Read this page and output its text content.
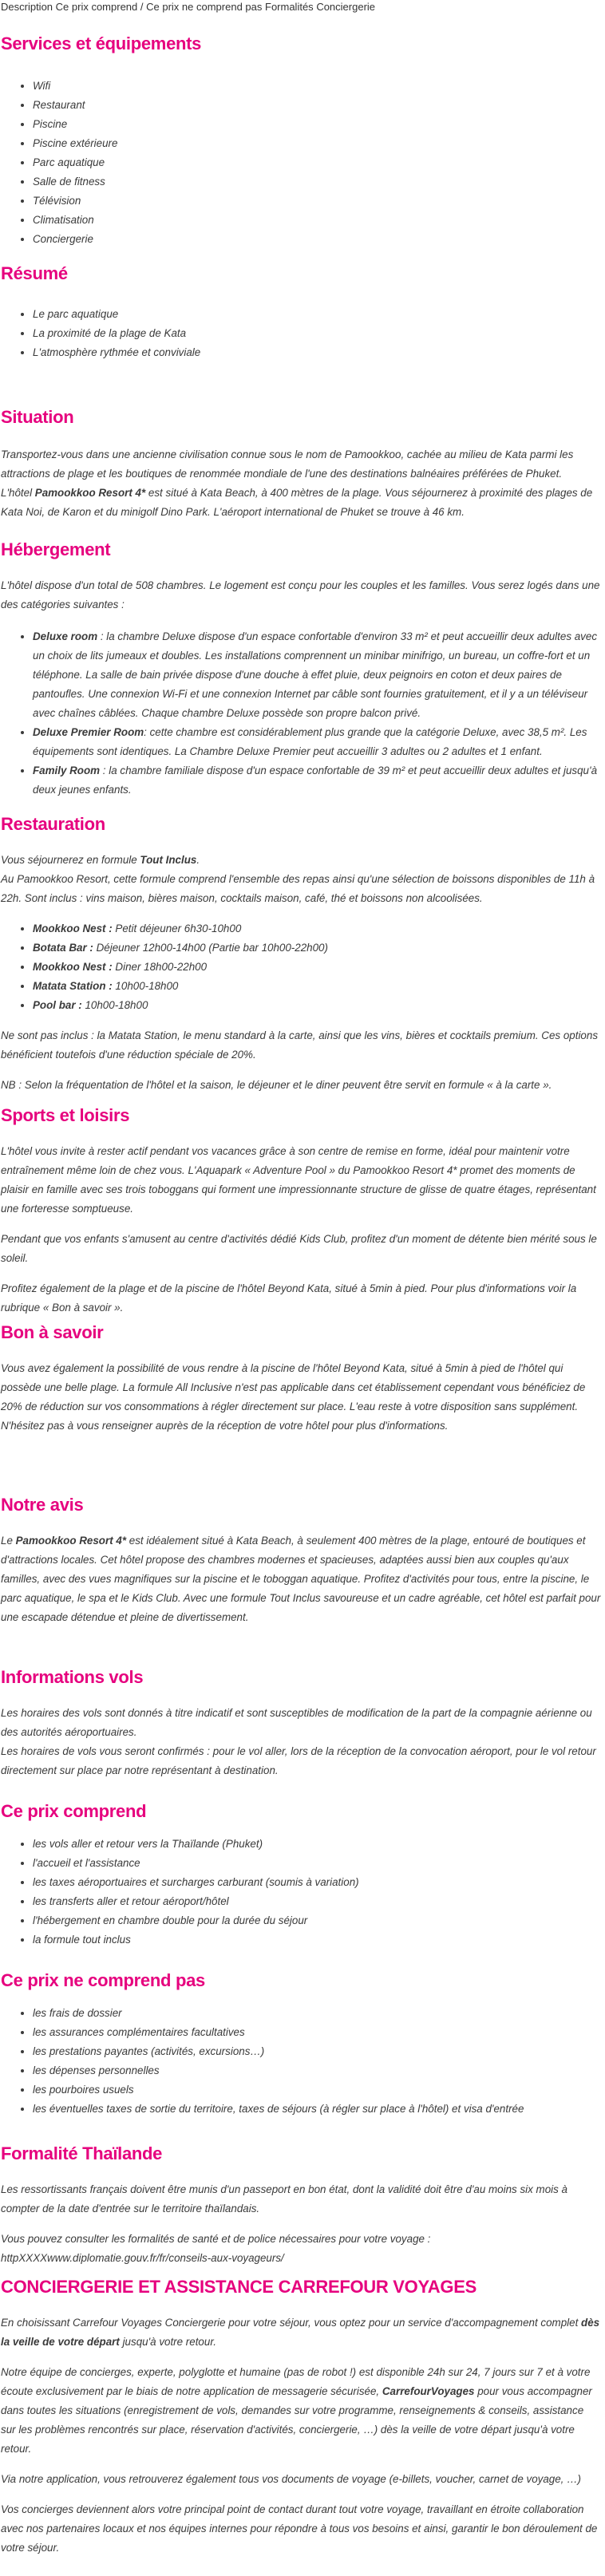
Description Ce prix comprend / Ce prix ne comprend pas Formalités Conciergerie
Services et équipements
• Wifi
• Restaurant
• Piscine
• Piscine extérieure
• Parc aquatique
• Salle de fitness
• Télévision
• Climatisation
• Conciergerie
Résumé
• Le parc aquatique
• La proximité de la plage de Kata
• L'atmosphère rythmée et conviviale
Situation

Transportez-vous dans une ancienne civilisation connue sous le nom de Pamookkoo, cachée au milieu de Kata parmi les attractions de plage et les boutiques de renommée mondiale de l'une des destinations balnéaires préférées de Phuket.
L'hôtel Pamookkoo Resort 4* est situé à Kata Beach, à 400 mètres de la plage. Vous séjournerez à proximité des plages de Kata Noi, de Karon et du minigolf Dino Park. L'aéroport international de Phuket se trouve à 46 km.

Hébergement

L'hôtel dispose d'un total de 508 chambres. Le logement est conçu pour les couples et les familles. Vous serez logés dans une des catégories suivantes :

• Deluxe room : la chambre Deluxe dispose d'un espace confortable d'environ 33 m² et peut accueillir deux adultes avec un choix de lits jumeaux et doubles. Les installations comprennent un minibar minifrigo, un bureau, un coffre-fort et un téléphone. La salle de bain privée dispose d'une douche à effet pluie, deux peignoirs en coton et deux paires de pantoufles. Une connexion Wi-Fi et une connexion Internet par câble sont fournies gratuitement, et il y a un téléviseur avec chaînes câblées. Chaque chambre Deluxe possède son propre balcon privé.
• Deluxe Premier Room: cette chambre est considérablement plus grande que la catégorie Deluxe, avec 38,5 m². Les équipements sont identiques. La Chambre Deluxe Premier peut accueillir 3 adultes ou 2 adultes et 1 enfant.
• Family Room : la chambre familiale dispose d'un espace confortable de 39 m² et peut accueillir deux adultes et jusqu'à deux jeunes enfants.
Restauration

Vous séjournerez en formule Tout Inclus.
Au Pamookkoo Resort, cette formule comprend l'ensemble des repas ainsi qu'une sélection de boissons disponibles de 11h à 22h. Sont inclus : vins maison, bières maison, cocktails maison, café, thé et boissons non alcoolisées.

• Mookkoo Nest : Petit déjeuner 6h30-10h00
• Botata Bar : Déjeuner 12h00-14h00 (Partie bar 10h00-22h00)
• Mookkoo Nest : Diner 18h00-22h00
• Matata Station : 10h00-18h00
• Pool bar : 10h00-18h00

Ne sont pas inclus : la Matata Station, le menu standard à la carte, ainsi que les vins, bières et cocktails premium. Ces options bénéficient toutefois d'une réduction spéciale de 20%.

NB : Selon la fréquentation de l'hôtel et la saison, le déjeuner et le diner peuvent être servit en formule « à la carte ».

Sports et loisirs

L'hôtel vous invite à rester actif pendant vos vacances grâce à son centre de remise en forme, idéal pour maintenir votre entraînement même loin de chez vous. L'Aquapark « Adventure Pool » du Pamookkoo Resort 4* promet des moments de plaisir en famille avec ses trois toboggans qui forment une impressionnante structure de glisse de quatre étages, représentant une forteresse somptueuse.

Pendant que vos enfants s'amusent au centre d'activités dédié Kids Club, profitez d'un moment de détente bien mérité sous le soleil.

Profitez également de la plage et de la piscine de l'hôtel Beyond Kata, situé à 5min à pied. Pour plus d'informations voir la rubrique « Bon à savoir ».

Bon à savoir

Vous avez également la possibilité de vous rendre à la piscine de l'hôtel Beyond Kata, situé à 5min à pied de l'hôtel qui possède une belle plage. La formule All Inclusive n'est pas applicable dans cet établissement cependant vous bénéficiez de 20% de réduction sur vos consommations à régler directement sur place. L'eau reste à votre disposition sans supplément. N'hésitez pas à vous renseigner auprès de la réception de votre hôtel pour plus d'informations.

Notre avis

Le Pamookkoo Resort 4* est idéalement situé à Kata Beach, à seulement 400 mètres de la plage, entouré de boutiques et d'attractions locales. Cet hôtel propose des chambres modernes et spacieuses, adaptées aussi bien aux couples qu'aux familles, avec des vues magnifiques sur la piscine et le toboggan aquatique. Profitez d'activités pour tous, entre la piscine, le parc aquatique, le spa et le Kids Club. Avec une formule Tout Inclus savoureuse et un cadre agréable, cet hôtel est parfait pour une escapade détendue et pleine de divertissement.

Informations vols

Les horaires des vols sont donnés à titre indicatif et sont susceptibles de modification de la part de la compagnie aérienne ou des autorités aéroportuaires.
Les horaires de vols vous seront confirmés : pour le vol aller, lors de la réception de la convocation aéroport, pour le vol retour directement sur place par notre représentant à destination.

Ce prix comprend
• les vols aller et retour vers la Thaïlande (Phuket)
• l'accueil et l'assistance
• les taxes aéroportuaires et surcharges carburant (soumis à variation)
• les transferts aller et retour aéroport/hôtel
• l'hébergement en chambre double pour la durée du séjour
• la formule tout inclus
Ce prix ne comprend pas
• les frais de dossier
• les assurances complémentaires facultatives
• les prestations payantes (activités, excursions…)
• les dépenses personnelles
• les pourboires usuels
• les éventuelles taxes de sortie du territoire, taxes de séjours (à régler sur place à l'hôtel) et visa d'entrée
Formalité Thaïlande

Les ressortissants français doivent être munis d'un passeport en bon état, dont la validité doit être d'au moins six mois à compter de la date d'entrée sur le territoire thaïlandais.

Vous pouvez consulter les formalités de santé et de police nécessaires pour votre voyage :
httpXXXXwww.diplomatie.gouv.fr/fr/conseils-aux-voyageurs/

CONCIERGERIE ET ASSISTANCE CARREFOUR VOYAGES

En choisissant Carrefour Voyages Conciergerie pour votre séjour, vous optez pour un service d'accompagnement complet dès la veille de votre départ jusqu'à votre retour.

Notre équipe de concierges, experte, polyglotte et humaine (pas de robot !) est disponible 24h sur 24, 7 jours sur 7 et à votre écoute exclusivement par le biais de notre application de messagerie sécurisée, CarrefourVoyages pour vous accompagner dans toutes les situations (enregistrement de vols, demandes sur votre programme, renseignements & conseils, assistance sur les problèmes rencontrés sur place, réservation d'activités, conciergerie, …) dès la veille de votre départ jusqu'à votre retour.

Via notre application, vous retrouverez également tous vos documents de voyage (e-billets, voucher, carnet de voyage, …)

Vos concierges deviennent alors votre principal point de contact durant tout votre voyage, travaillant en étroite collaboration avec nos partenaires locaux et nos équipes internes pour répondre à tous vos besoins et ainsi, garantir le bon déroulement de votre séjour.
